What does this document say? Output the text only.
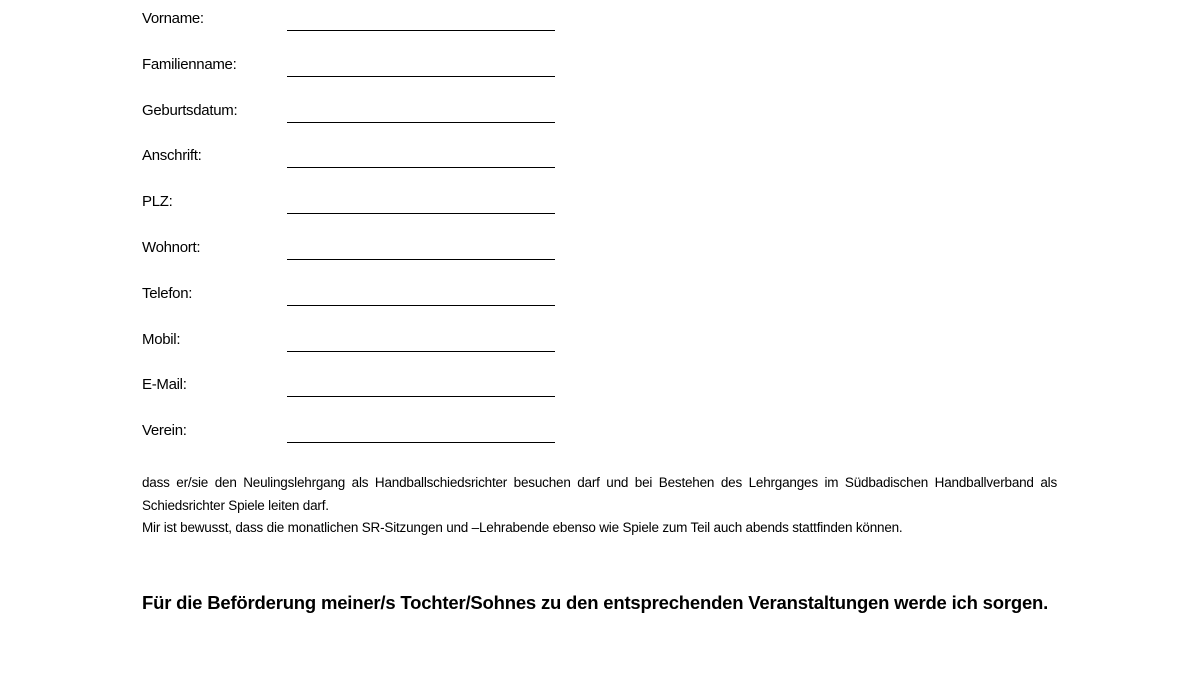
Vorname:
Familienname:
Geburtsdatum:
Anschrift:
PLZ:
Wohnort:
Telefon:
Mobil:
E-Mail:
Verein:

dass er/sie den Neulingslehrgang als Handballschiedsrichter besuchen darf und bei Bestehen des Lehrganges im Südbadischen Handballverband als Schiedsrichter Spiele leiten darf.

Mir ist bewusst, dass die monatlichen SR-Sitzungen und –Lehrabende ebenso wie Spiele zum Teil auch abends stattfinden können.

Für die Beförderung meiner/s Tochter/Sohnes zu den entsprechenden Veranstaltungen werde ich sorgen.
